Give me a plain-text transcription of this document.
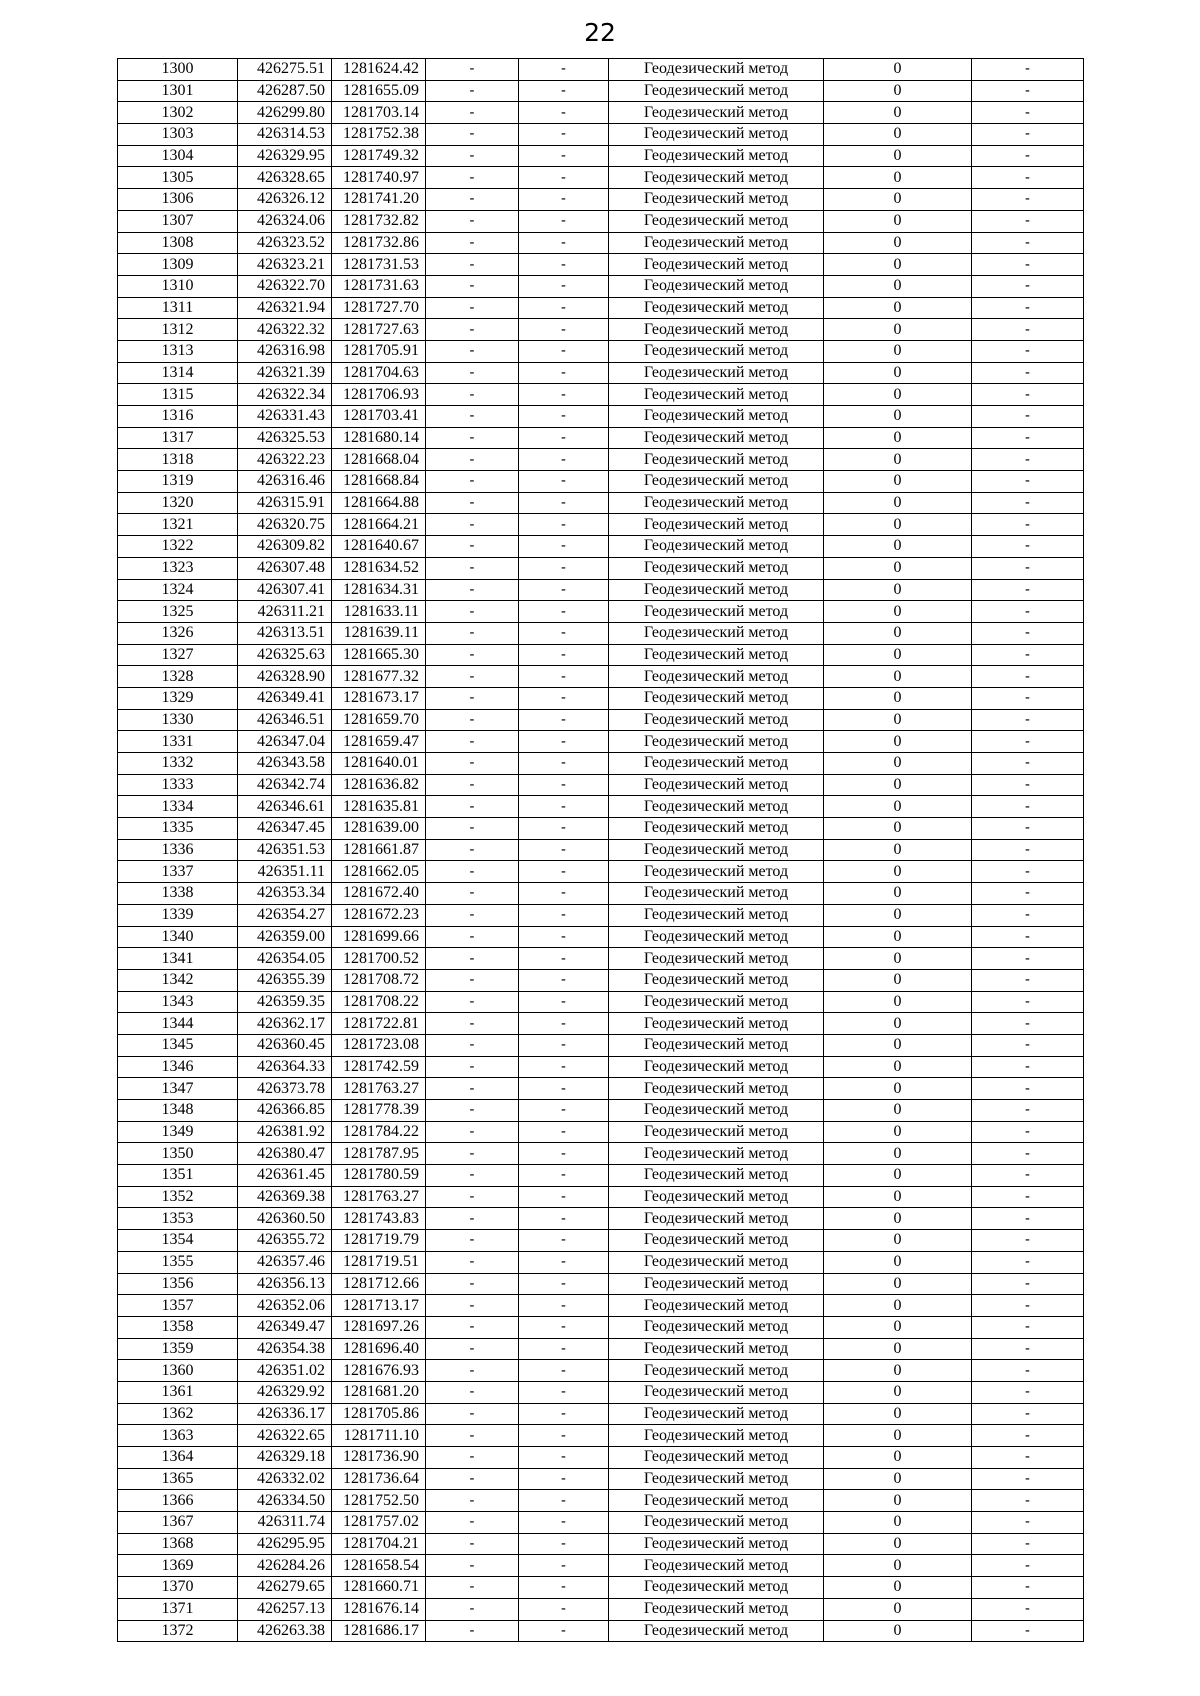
22
1300	426275.51	1281624.42	-	-	Геодезический метод	0	-
1301	426287.50	1281655.09	-	-	Геодезический метод	0	-
1302	426299.80	1281703.14	-	-	Геодезический метод	0	-
1303	426314.53	1281752.38	-	-	Геодезический метод	0	-
1304	426329.95	1281749.32	-	-	Геодезический метод	0	-
1305	426328.65	1281740.97	-	-	Геодезический метод	0	-
1306	426326.12	1281741.20	-	-	Геодезический метод	0	-
1307	426324.06	1281732.82	-	-	Геодезический метод	0	-
1308	426323.52	1281732.86	-	-	Геодезический метод	0	-
1309	426323.21	1281731.53	-	-	Геодезический метод	0	-
1310	426322.70	1281731.63	-	-	Геодезический метод	0	-
1311	426321.94	1281727.70	-	-	Геодезический метод	0	-
1312	426322.32	1281727.63	-	-	Геодезический метод	0	-
1313	426316.98	1281705.91	-	-	Геодезический метод	0	-
1314	426321.39	1281704.63	-	-	Геодезический метод	0	-
1315	426322.34	1281706.93	-	-	Геодезический метод	0	-
1316	426331.43	1281703.41	-	-	Геодезический метод	0	-
1317	426325.53	1281680.14	-	-	Геодезический метод	0	-
1318	426322.23	1281668.04	-	-	Геодезический метод	0	-
1319	426316.46	1281668.84	-	-	Геодезический метод	0	-
1320	426315.91	1281664.88	-	-	Геодезический метод	0	-
1321	426320.75	1281664.21	-	-	Геодезический метод	0	-
1322	426309.82	1281640.67	-	-	Геодезический метод	0	-
1323	426307.48	1281634.52	-	-	Геодезический метод	0	-
1324	426307.41	1281634.31	-	-	Геодезический метод	0	-
1325	426311.21	1281633.11	-	-	Геодезический метод	0	-
1326	426313.51	1281639.11	-	-	Геодезический метод	0	-
1327	426325.63	1281665.30	-	-	Геодезический метод	0	-
1328	426328.90	1281677.32	-	-	Геодезический метод	0	-
1329	426349.41	1281673.17	-	-	Геодезический метод	0	-
1330	426346.51	1281659.70	-	-	Геодезический метод	0	-
1331	426347.04	1281659.47	-	-	Геодезический метод	0	-
1332	426343.58	1281640.01	-	-	Геодезический метод	0	-
1333	426342.74	1281636.82	-	-	Геодезический метод	0	-
1334	426346.61	1281635.81	-	-	Геодезический метод	0	-
1335	426347.45	1281639.00	-	-	Геодезический метод	0	-
1336	426351.53	1281661.87	-	-	Геодезический метод	0	-
1337	426351.11	1281662.05	-	-	Геодезический метод	0	-
1338	426353.34	1281672.40	-	-	Геодезический метод	0	-
1339	426354.27	1281672.23	-	-	Геодезический метод	0	-
1340	426359.00	1281699.66	-	-	Геодезический метод	0	-
1341	426354.05	1281700.52	-	-	Геодезический метод	0	-
1342	426355.39	1281708.72	-	-	Геодезический метод	0	-
1343	426359.35	1281708.22	-	-	Геодезический метод	0	-
1344	426362.17	1281722.81	-	-	Геодезический метод	0	-
1345	426360.45	1281723.08	-	-	Геодезический метод	0	-
1346	426364.33	1281742.59	-	-	Геодезический метод	0	-
1347	426373.78	1281763.27	-	-	Геодезический метод	0	-
1348	426366.85	1281778.39	-	-	Геодезический метод	0	-
1349	426381.92	1281784.22	-	-	Геодезический метод	0	-
1350	426380.47	1281787.95	-	-	Геодезический метод	0	-
1351	426361.45	1281780.59	-	-	Геодезический метод	0	-
1352	426369.38	1281763.27	-	-	Геодезический метод	0	-
1353	426360.50	1281743.83	-	-	Геодезический метод	0	-
1354	426355.72	1281719.79	-	-	Геодезический метод	0	-
1355	426357.46	1281719.51	-	-	Геодезический метод	0	-
1356	426356.13	1281712.66	-	-	Геодезический метод	0	-
1357	426352.06	1281713.17	-	-	Геодезический метод	0	-
1358	426349.47	1281697.26	-	-	Геодезический метод	0	-
1359	426354.38	1281696.40	-	-	Геодезический метод	0	-
1360	426351.02	1281676.93	-	-	Геодезический метод	0	-
1361	426329.92	1281681.20	-	-	Геодезический метод	0	-
1362	426336.17	1281705.86	-	-	Геодезический метод	0	-
1363	426322.65	1281711.10	-	-	Геодезический метод	0	-
1364	426329.18	1281736.90	-	-	Геодезический метод	0	-
1365	426332.02	1281736.64	-	-	Геодезический метод	0	-
1366	426334.50	1281752.50	-	-	Геодезический метод	0	-
1367	426311.74	1281757.02	-	-	Геодезический метод	0	-
1368	426295.95	1281704.21	-	-	Геодезический метод	0	-
1369	426284.26	1281658.54	-	-	Геодезический метод	0	-
1370	426279.65	1281660.71	-	-	Геодезический метод	0	-
1371	426257.13	1281676.14	-	-	Геодезический метод	0	-
1372	426263.38	1281686.17	-	-	Геодезический метод	0	-
